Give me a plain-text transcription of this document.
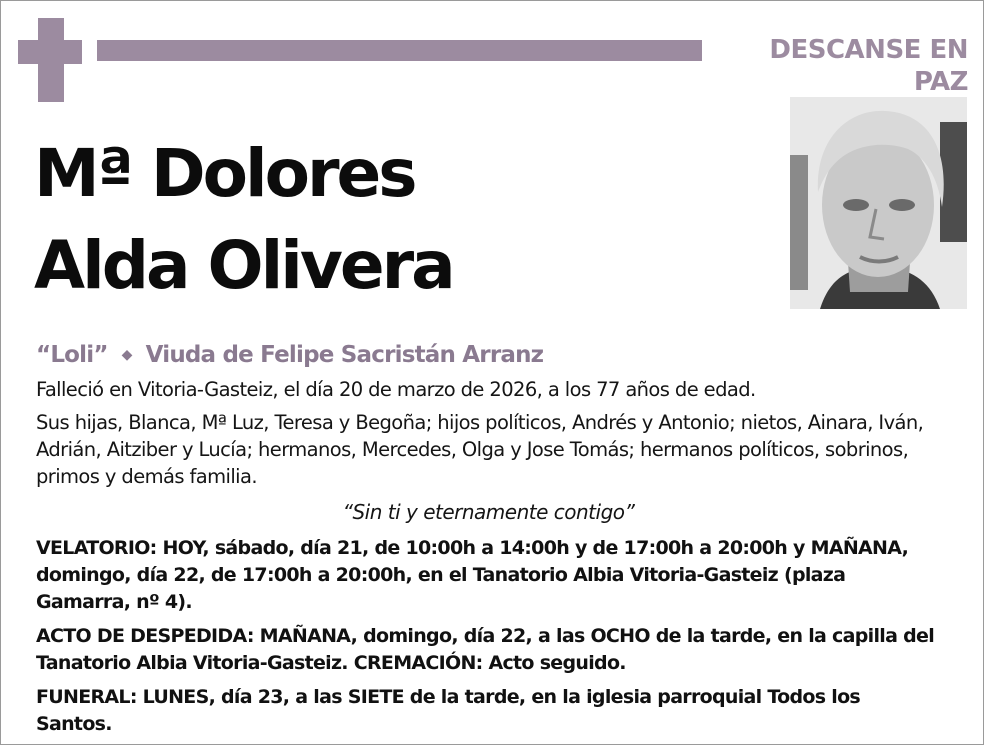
DESCANSE EN PAZ
Mª Dolores
Alda Olivera
“Loli” ◆ Viuda de Felipe Sacristán Arranz
Falleció en Vitoria-Gasteiz, el día 20 de marzo de 2026, a los 77 años de edad.
Sus hijas, Blanca, Mª Luz, Teresa y Begoña; hijos políticos, Andrés y Antonio; nietos, Ainara, Iván, Adrián, Aitziber y Lucía; hermanos, Mercedes, Olga y Jose Tomás; hermanos políticos, sobrinos, primos y demás familia.
“Sin ti y eternamente contigo”
VELATORIO: HOY, sábado, día 21, de 10:00h a 14:00h y de 17:00h a 20:00h y MAÑANA, domingo, día 22, de 17:00h a 20:00h, en el Tanatorio Albia Vitoria-Gasteiz (plaza Gamarra, nº 4).
ACTO DE DESPEDIDA: MAÑANA, domingo, día 22, a las OCHO de la tarde, en la capilla del Tanatorio Albia Vitoria-Gasteiz. CREMACIÓN: Acto seguido.
FUNERAL: LUNES, día 23, a las SIETE de la tarde, en la iglesia parroquial Todos los Santos.
